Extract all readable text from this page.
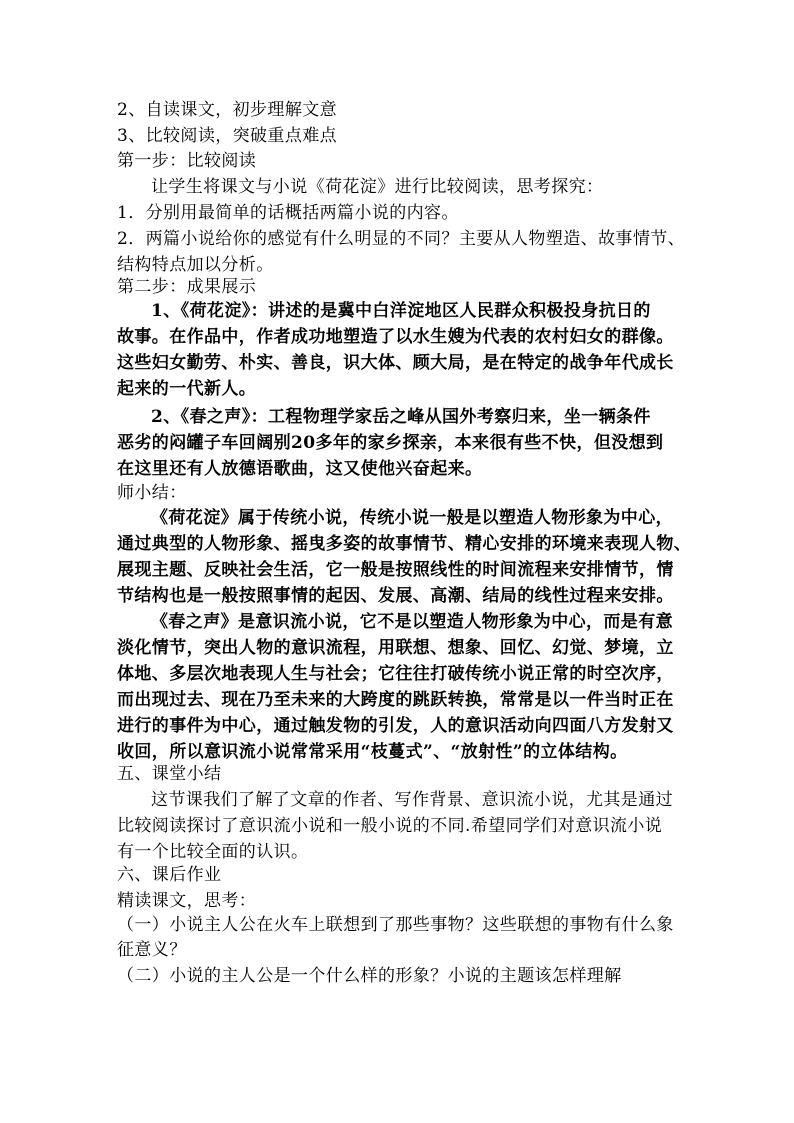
2、自读课文，初步理解文意
3、比较阅读，突破重点难点
第一步：比较阅读
让学生将课文与小说《荷花淀》进行比较阅读，思考探究：
1．分别用最简单的话概括两篇小说的内容。
2．两篇小说给你的感觉有什么明显的不同？主要从人物塑造、故事情节、
结构特点加以分析。
第二步：成果展示
1、《荷花淀》：讲述的是冀中白洋淀地区人民群众积极投身抗日的
故事。在作品中，作者成功地塑造了以水生嫂为代表的农村妇女的群像。
这些妇女勤劳、朴实、善良，识大体、顾大局，是在特定的战争年代成长
起来的一代新人。
2、《春之声》：工程物理学家岳之峰从国外考察归来，坐一辆条件
恶劣的闷罐子车回阔别20多年的家乡探亲，本来很有些不快，但没想到
在这里还有人放德语歌曲，这又使他兴奋起来。
师小结：
《荷花淀》属于传统小说，传统小说一般是以塑造人物形象为中心，
通过典型的人物形象、摇曳多姿的故事情节、精心安排的环境来表现人物、
展现主题、反映社会生活，它一般是按照线性的时间流程来安排情节，情
节结构也是一般按照事情的起因、发展、高潮、结局的线性过程来安排。
《春之声》是意识流小说，它不是以塑造人物形象为中心，而是有意
淡化情节，突出人物的意识流程，用联想、想象、回忆、幻觉、梦境，立
体地、多层次地表现人生与社会；它往往打破传统小说正常的时空次序，
而出现过去、现在乃至未来的大跨度的跳跃转换，常常是以一件当时正在
进行的事件为中心，通过触发物的引发，人的意识活动向四面八方发射又
收回，所以意识流小说常常采用“枝蔓式”、“放射性”的立体结构。
五、课堂小结
这节课我们了解了文章的作者、写作背景、意识流小说，尤其是通过
比较阅读探讨了意识流小说和一般小说的不同.希望同学们对意识流小说
有一个比较全面的认识。
六、课后作业
精读课文，思考：
（一）小说主人公在火车上联想到了那些事物？这些联想的事物有什么象
征意义？
（二）小说的主人公是一个什么样的形象？小说的主题该怎样理解
